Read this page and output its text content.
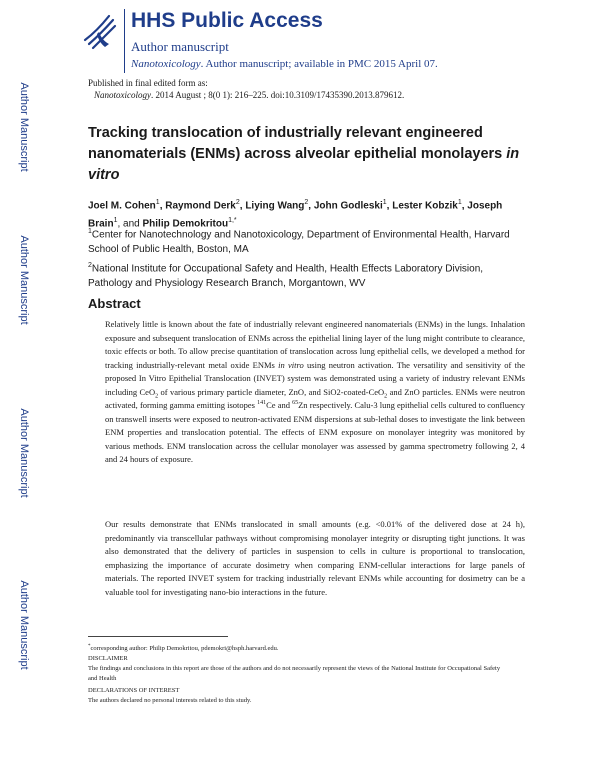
Author Manuscript
Author Manuscript
Author Manuscript
Author Manuscript
HHS Public Access
Author manuscript
Nanotoxicology. Author manuscript; available in PMC 2015 April 07.
Published in final edited form as:
Nanotoxicology. 2014 August ; 8(0 1): 216–225. doi:10.3109/17435390.2013.879612.
Tracking translocation of industrially relevant engineered nanomaterials (ENMs) across alveolar epithelial monolayers in vitro
Joel M. Cohen$^1$, Raymond Derk$^2$, Liying Wang$^2$, John Godleski$^1$, Lester Kobzik$^1$, Joseph Brain$^1$, and Philip Demokritou$^{1,*}$
$^1$Center for Nanotechnology and Nanotoxicology, Department of Environmental Health, Harvard School of Public Health, Boston, MA
$^2$National Institute for Occupational Safety and Health, Health Effects Laboratory Division, Pathology and Physiology Research Branch, Morgantown, WV
Abstract
Relatively little is known about the fate of industrially relevant engineered nanomaterials (ENMs) in the lungs. Inhalation exposure and subsequent translocation of ENMs across the epithelial lining layer of the lung might contribute to clearance, toxic effects or both. To allow precise quantitation of translocation across lung epithelial cells, we developed a method for tracking industrially-relevant metal oxide ENMs in vitro using neutron activation. The versatility and sensitivity of the proposed In Vitro Epithelial Translocation (INVET) system was demonstrated using a variety of industry relevant ENMs including CeO$_2$ of various primary particle diameter, ZnO, and SiO2-coated-CeO$_2$ and ZnO particles. ENMs were neutron activated, forming gamma emitting isotopes $^{141}$Ce and $^{65}$Zn respectively. Calu-3 lung epithelial cells cultured to confluency on transwell inserts were exposed to neutron-activated ENM dispersions at sub-lethal doses to investigate the link between ENM properties and translocation potential. The effects of ENM exposure on monolayer integrity was monitored by various methods. ENM translocation across the cellular monolayer was assessed by gamma spectrometry following 2, 4 and 24 hours of exposure.
Our results demonstrate that ENMs translocated in small amounts (e.g. <0.01% of the delivered dose at 24 h), predominantly via transcellular pathways without compromising monolayer integrity or disrupting tight junctions. It was also demonstrated that the delivery of particles in suspension to cells in culture is proportional to translocation, emphasizing the importance of accurate dosimetry when comparing ENM-cellular interactions for large panels of materials. The reported INVET system for tracking industrially relevant ENMs while accounting for dosimetry can be a valuable tool for investigating nano-bio interactions in the future.
*corresponding author: Philip Demokritou, pdemokri@hsph.harvard.edu.
DISCLAIMER
The findings and conclusions in this report are those of the authors and do not necessarily represent the views of the National Institute for Occupational Safety and Health
DECLARATIONS OF INTEREST
The authors declared no personal interests related to this study.
